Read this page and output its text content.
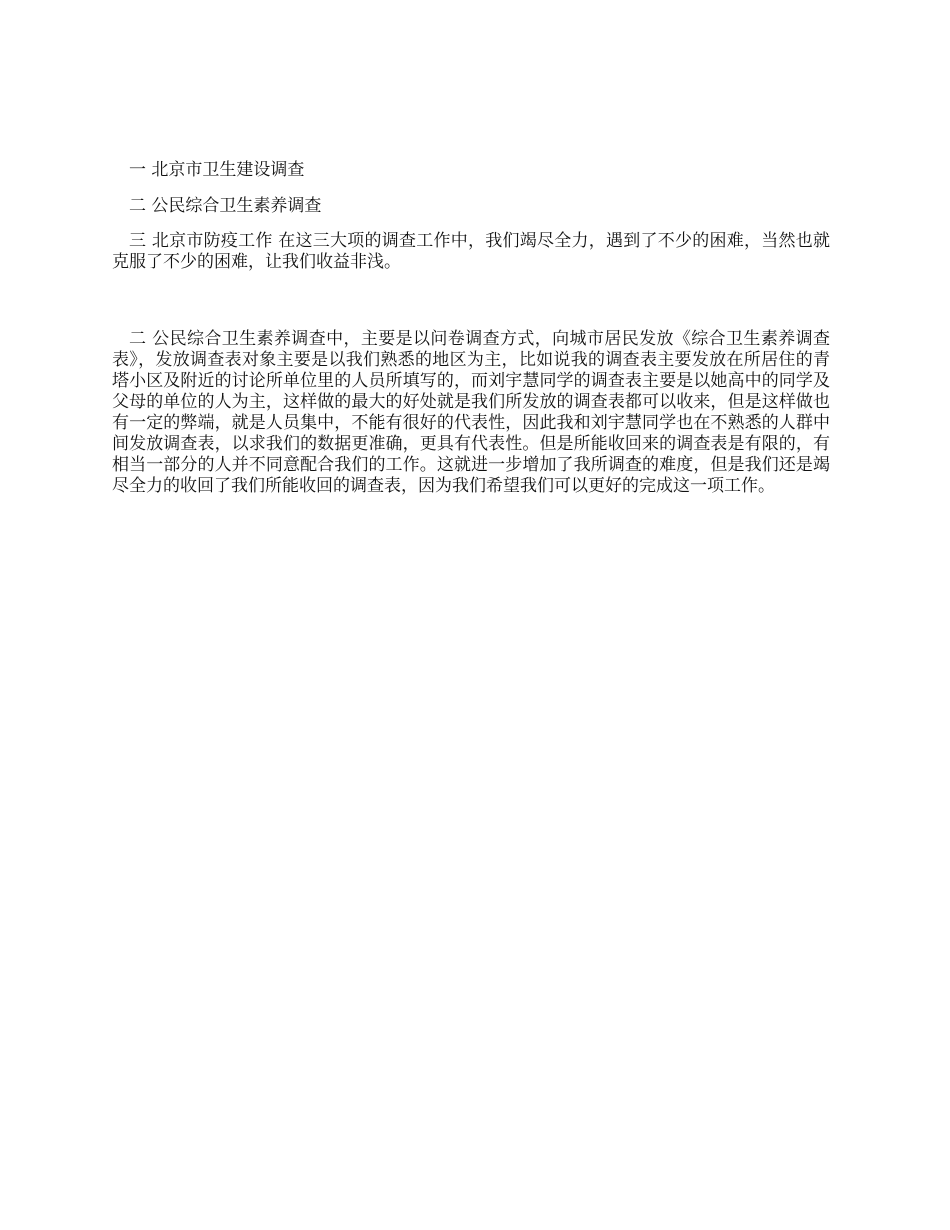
一 北京市卫生建设调查

二 公民综合卫生素养调查

三 北京市防疫工作 在这三大项的调查工作中，我们竭尽全力，遇到了不少的困难，当然也就克服了不少的困难，让我们收益非浅。

二 公民综合卫生素养调查中，主要是以问卷调查方式，向城市居民发放《综合卫生素养调查表》，发放调查表对象主要是以我们熟悉的地区为主，比如说我的调查表主要发放在所居住的青塔小区及附近的讨论所单位里的人员所填写的，而刘宇慧同学的调查表主要是以她高中的同学及父母的单位的人为主，这样做的最大的好处就是我们所发放的调查表都可以收来，但是这样做也有一定的弊端，就是人员集中，不能有很好的代表性，因此我和刘宇慧同学也在不熟悉的人群中间发放调查表，以求我们的数据更准确，更具有代表性。但是所能收回来的调查表是有限的，有相当一部分的人并不同意配合我们的工作。这就进一步增加了我所调查的难度，但是我们还是竭尽全力的收回了我们所能收回的调查表，因为我们希望我们可以更好的完成这一项工作。
